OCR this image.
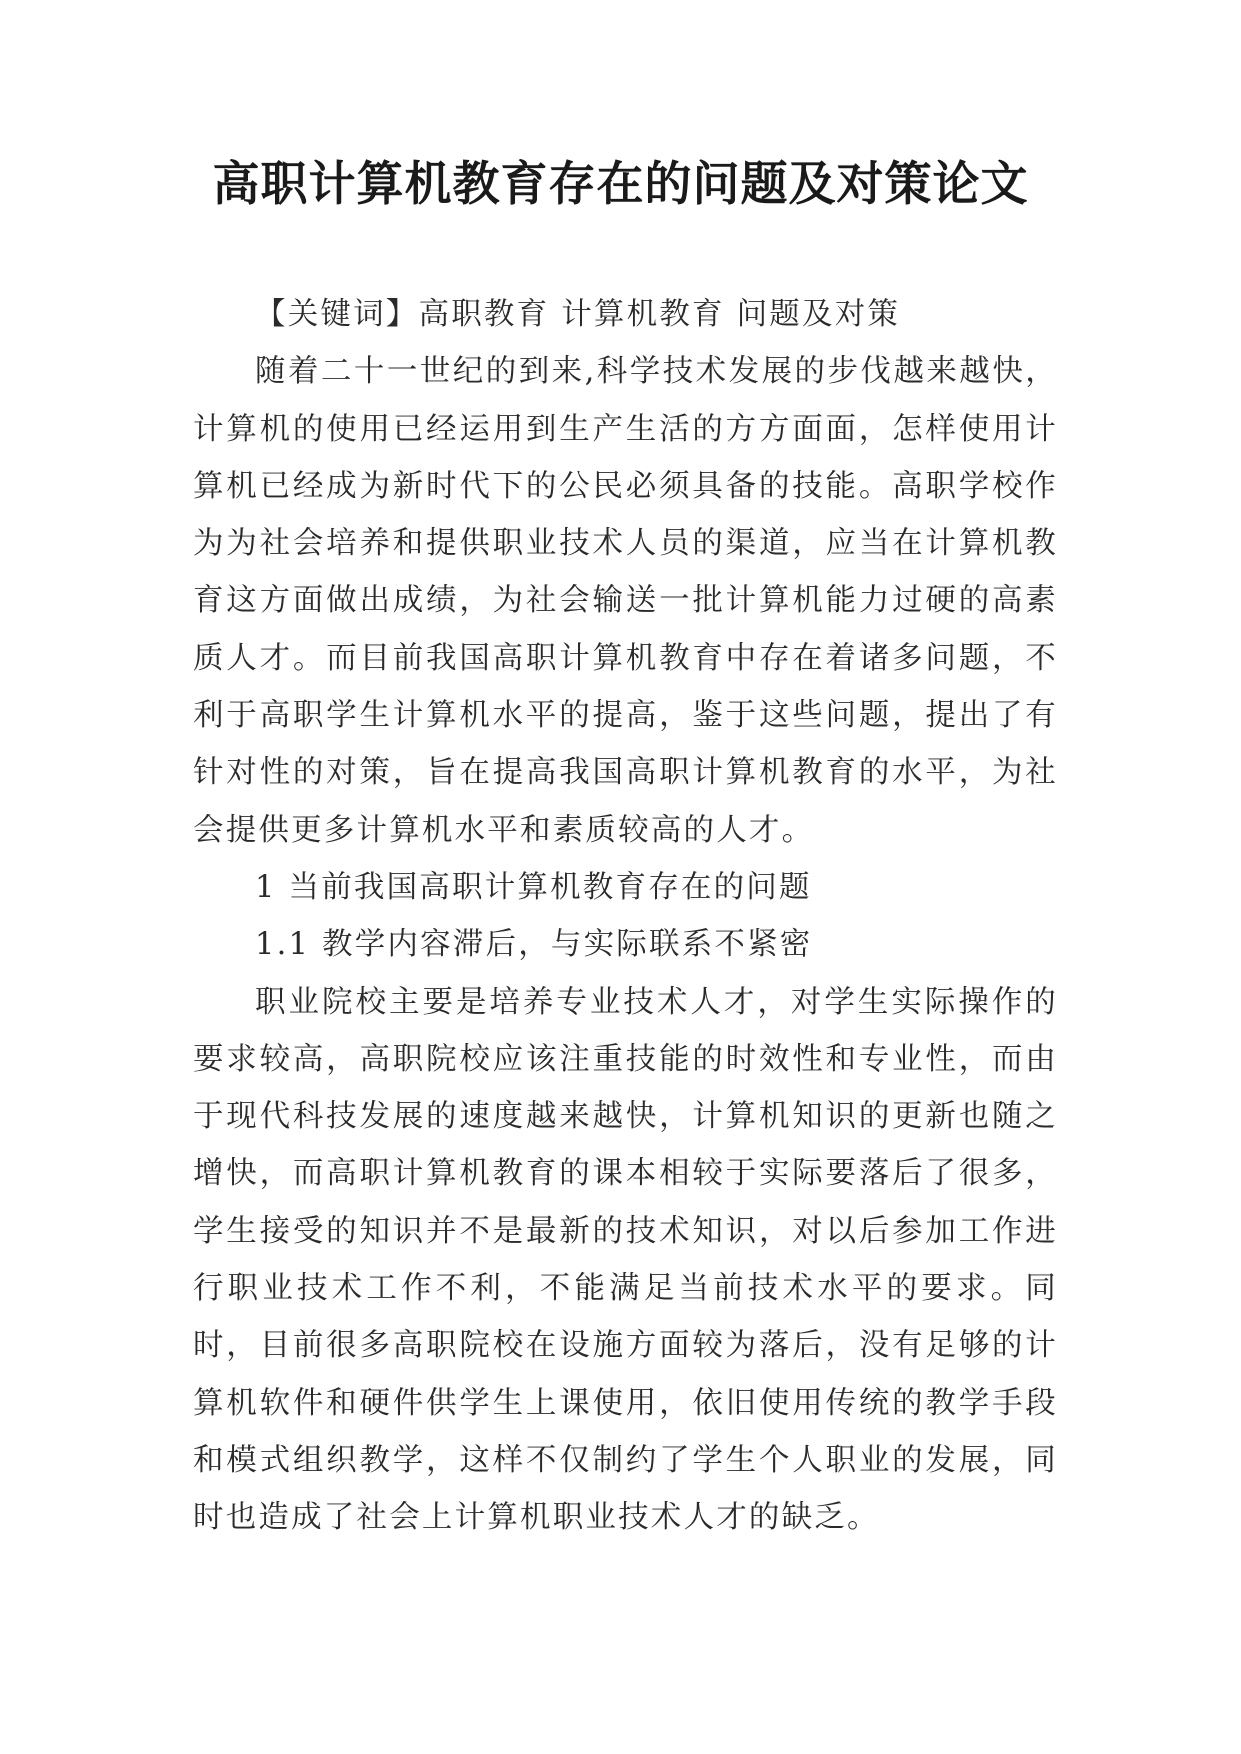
高职计算机教育存在的问题及对策论文

【关键词】高职教育 计算机教育 问题及对策

随着二十一世纪的到来,科学技术发展的步伐越来越快，计算机的使用已经运用到生产生活的方方面面，怎样使用计算机已经成为新时代下的公民必须具备的技能。高职学校作为为社会培养和提供职业技术人员的渠道，应当在计算机教育这方面做出成绩，为社会输送一批计算机能力过硬的高素质人才。而目前我国高职计算机教育中存在着诸多问题，不利于高职学生计算机水平的提高，鉴于这些问题，提出了有针对性的对策，旨在提高我国高职计算机教育的水平，为社会提供更多计算机水平和素质较高的人才。

1 当前我国高职计算机教育存在的问题

1.1 教学内容滞后，与实际联系不紧密

职业院校主要是培养专业技术人才，对学生实际操作的要求较高，高职院校应该注重技能的时效性和专业性，而由于现代科技发展的速度越来越快，计算机知识的更新也随之增快，而高职计算机教育的课本相较于实际要落后了很多，学生接受的知识并不是最新的技术知识，对以后参加工作进行职业技术工作不利，不能满足当前技术水平的要求。同时，目前很多高职院校在设施方面较为落后，没有足够的计算机软件和硬件供学生上课使用，依旧使用传统的教学手段和模式组织教学，这样不仅制约了学生个人职业的发展，同时也造成了社会上计算机职业技术人才的缺乏。
